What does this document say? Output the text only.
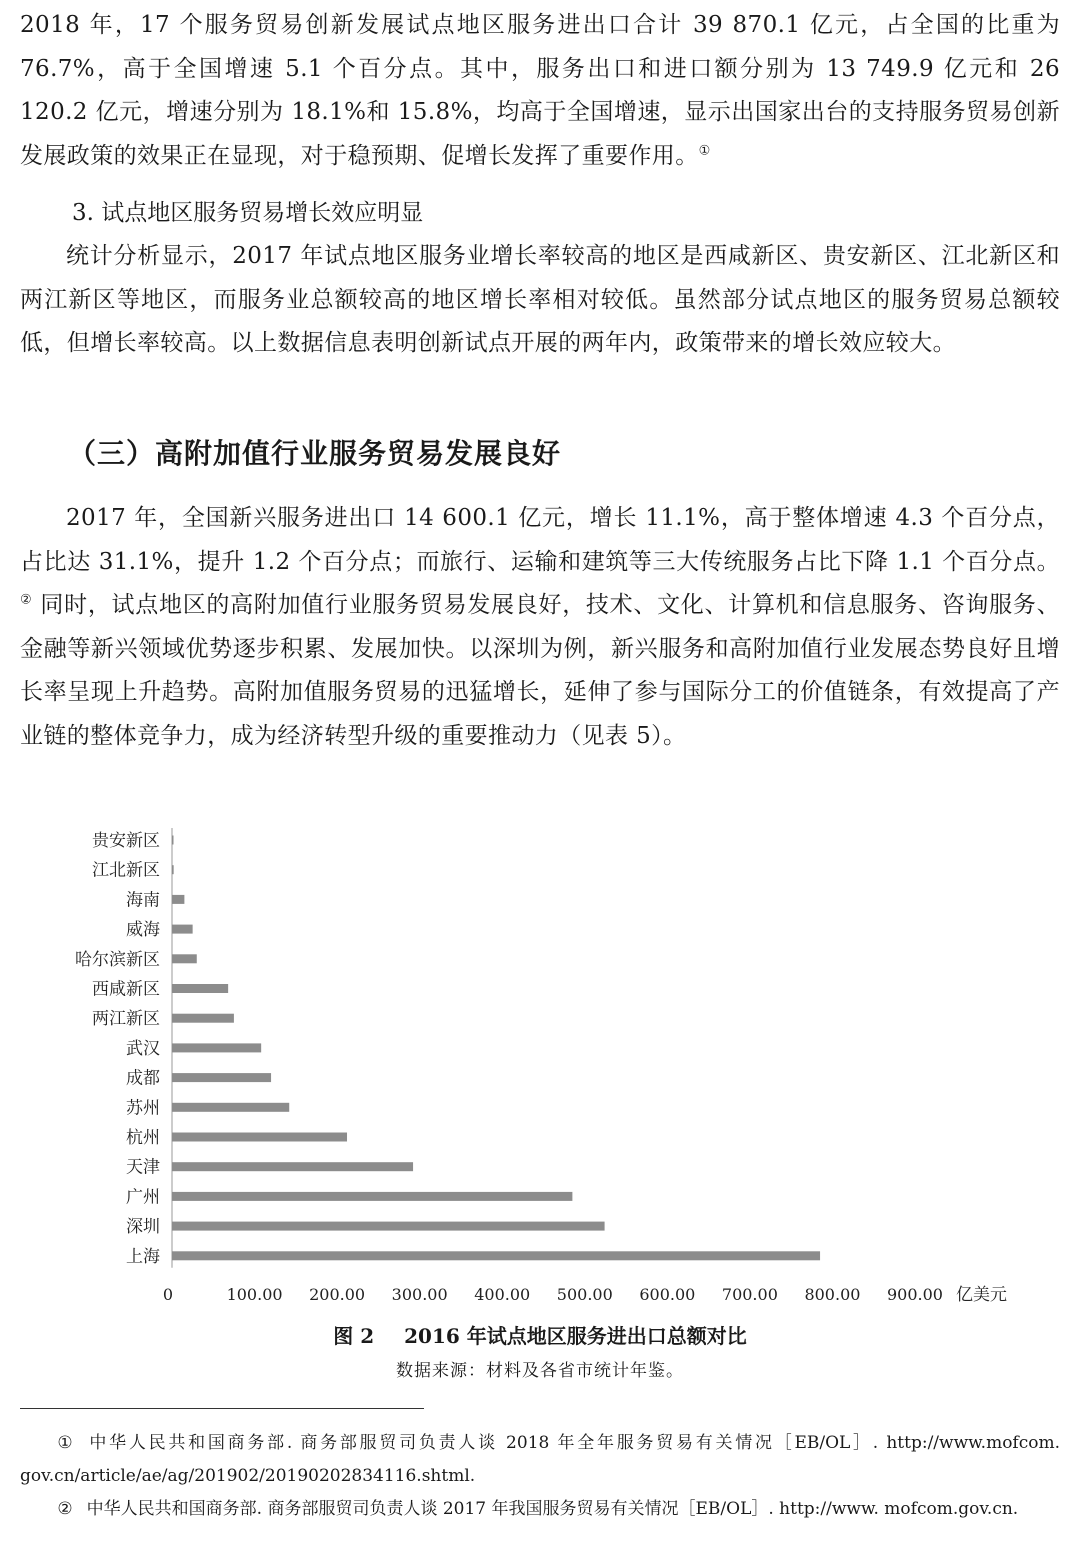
2018 年，17 个服务贸易创新发展试点地区服务进出口合计 39 870.1 亿元，占全国的比重为 76.7%，高于全国增速 5.1 个百分点。其中，服务出口和进口额分别为 13 749.9 亿元和 26 120.2 亿元，增速分别为 18.1%和 15.8%，均高于全国增速，显示出国家出台的支持服务贸易创新发展政策的效果正在显现，对于稳预期、促增长发挥了重要作用。①

3. 试点地区服务贸易增长效应明显

统计分析显示，2017 年试点地区服务业增长率较高的地区是西咸新区、贵安新区、江北新区和两江新区等地区，而服务业总额较高的地区增长率相对较低。虽然部分试点地区的服务贸易总额较低，但增长率较高。以上数据信息表明创新试点开展的两年内，政策带来的增长效应较大。

（三）高附加值行业服务贸易发展良好

2017 年，全国新兴服务进出口 14 600.1 亿元，增长 11.1%，高于整体增速 4.3 个百分点，占比达 31.1%，提升 1.2 个百分点；而旅行、运输和建筑等三大传统服务占比下降 1.1 个百分点。② 同时，试点地区的高附加值行业服务贸易发展良好，技术、文化、计算机和信息服务、咨询服务、金融等新兴领域优势逐步积累、发展加快。以深圳为例，新兴服务和高附加值行业发展态势良好且增长率呈现上升趋势。高附加值服务贸易的迅猛增长，延伸了参与国际分工的价值链条，有效提高了产业链的整体竞争力，成为经济转型升级的重要推动力（见表 5）。

贵安新区
江北新区
海南
威海
哈尔滨新区
西咸新区
两江新区
武汉
成都
苏州
杭州
天津
广州
深圳
上海
0	100.00 200.00 300.00 400.00 500.00 600.00 700.00 800.00 900.00 亿美元

图 2 2016 年试点地区服务进出口总额对比

数据来源：材料及各省市统计年鉴。

① 中华人民共和国商务部. 商务部服贸司负责人谈 2018 年全年服务贸易有关情况［EB/OL］. http://www.mofcom. gov.cn/article/ae/ag/201902/20190202834116.shtml.

② 中华人民共和国商务部. 商务部服贸司负责人谈 2017 年我国服务贸易有关情况［EB/OL］. http://www. mofcom.gov.cn.
